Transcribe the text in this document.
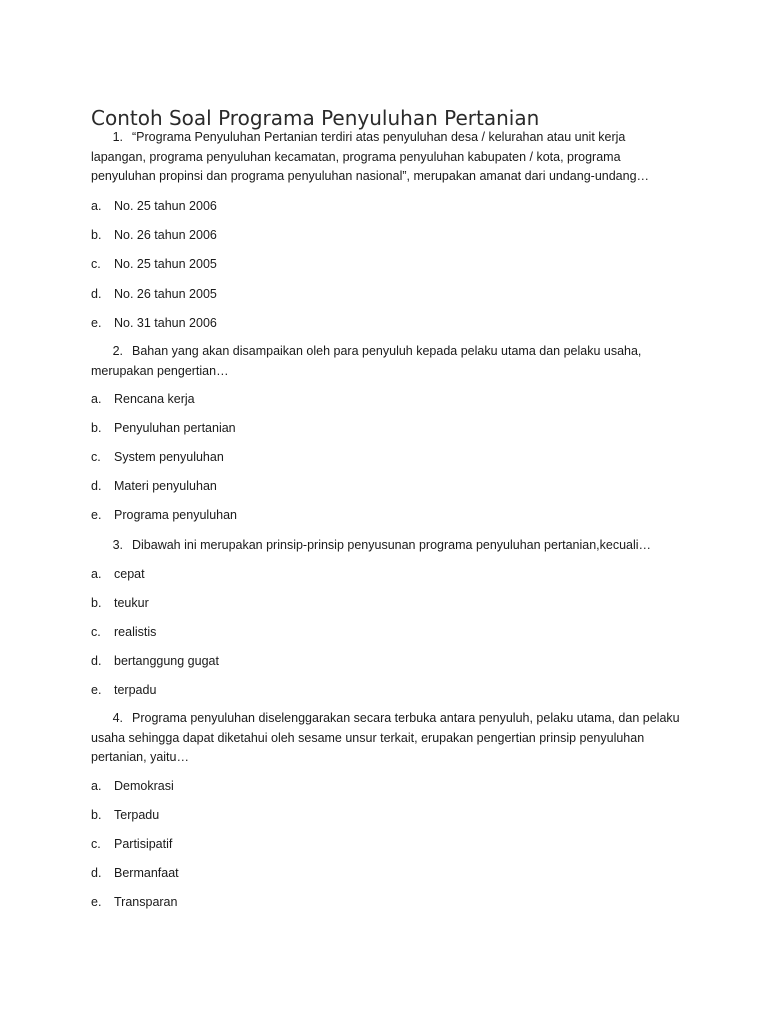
Contoh Soal Programa Penyuluhan Pertanian
1. “Programa Penyuluhan Pertanian terdiri atas penyuluhan desa / kelurahan atau unit kerja lapangan, programa penyuluhan kecamatan, programa penyuluhan kabupaten / kota, programa penyuluhan propinsi dan programa penyuluhan nasional”, merupakan amanat dari undang-undang…
a. No. 25 tahun 2006
b. No. 26 tahun 2006
c. No. 25 tahun 2005
d. No. 26 tahun 2005
e. No. 31 tahun 2006
2. Bahan yang akan disampaikan oleh para penyuluh kepada pelaku utama dan pelaku usaha, merupakan pengertian…
a. Rencana kerja
b. Penyuluhan pertanian
c. System penyuluhan
d. Materi penyuluhan
e. Programa penyuluhan
3. Dibawah ini merupakan prinsip-prinsip penyusunan programa penyuluhan pertanian,kecuali…
a. cepat
b. teukur
c. realistis
d. bertanggung gugat
e. terpadu
4. Programa penyuluhan diselenggarakan secara terbuka antara penyuluh, pelaku utama, dan pelaku usaha sehingga dapat diketahui oleh sesame unsur terkait, erupakan pengertian prinsip penyuluhan pertanian, yaitu…
a. Demokrasi
b. Terpadu
c. Partisipatif
d. Bermanfaat
e. Transparan
